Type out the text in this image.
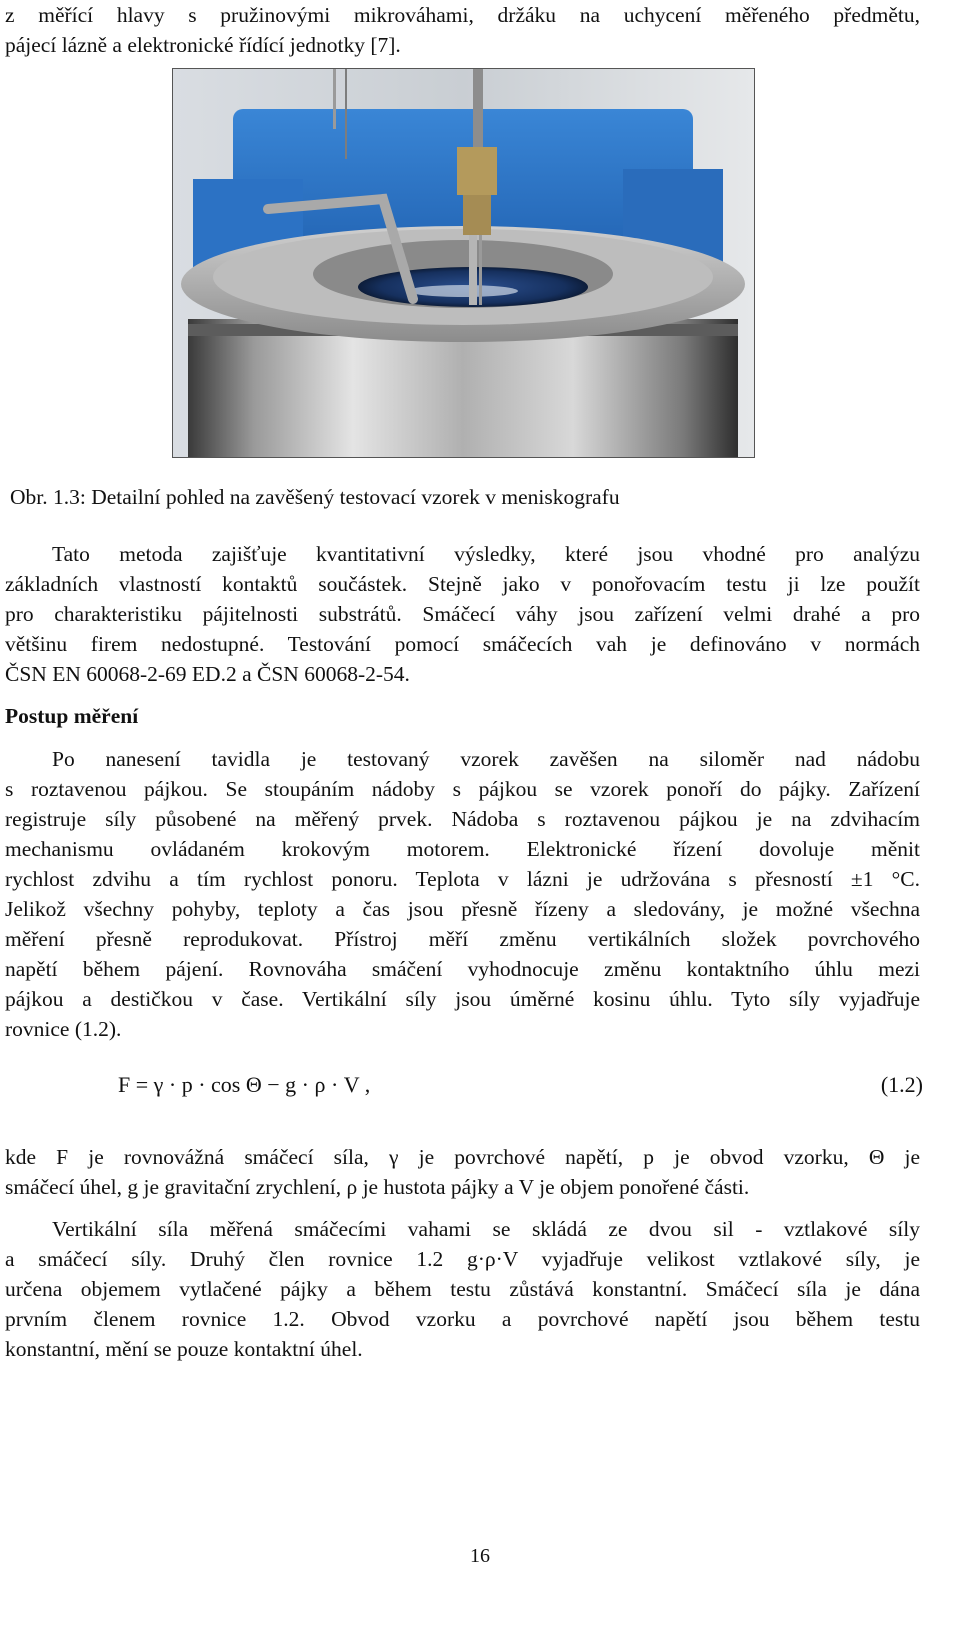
z měřící hlavy s pružinovými mikrováhami, držáku na uchycení měřeného předmětu,
pájecí lázně a elektronické řídící jednotky [7].
Obr. 1.3: Detailní pohled na zavěšený testovací vzorek v meniskografu
Tato metoda zajišťuje kvantitativní výsledky, které jsou vhodné pro analýzu
základních vlastností kontaktů součástek. Stejně jako v ponořovacím testu ji lze použít
pro charakteristiku pájitelnosti substrátů. Smáčecí váhy jsou zařízení velmi drahé a pro
většinu firem nedostupné. Testování pomocí smáčecích vah je definováno v normách
ČSN EN 60068-2-69 ED.2 a ČSN 60068-2-54.
Postup měření
Po nanesení tavidla je testovaný vzorek zavěšen na siloměr nad nádobu
s roztavenou pájkou. Se stoupáním nádoby s pájkou se vzorek ponoří do pájky. Zařízení
registruje síly působené na měřený prvek. Nádoba s roztavenou pájkou je na zdvihacím
mechanismu ovládaném krokovým motorem. Elektronické řízení dovoluje měnit
rychlost zdvihu a tím rychlost ponoru. Teplota v lázni je udržována s přesností ±1 °C.
Jelikož všechny pohyby, teploty a čas jsou přesně řízeny a sledovány, je možné všechna
měření přesně reprodukovat. Přístroj měří změnu vertikálních složek povrchového
napětí během pájení. Rovnováha smáčení vyhodnocuje změnu kontaktního úhlu mezi
pájkou a destičkou v čase. Vertikální síly jsou úměrné kosinu úhlu. Tyto síly vyjadřuje
rovnice (1.2).
F = γ · p · cos Θ − g · ρ · V ,	(1.2)
kde F je rovnovážná smáčecí síla, γ je povrchové napětí, p je obvod vzorku, Θ je
smáčecí úhel, g je gravitační zrychlení, ρ je hustota pájky a V je objem ponořené části.
Vertikální síla měřená smáčecími vahami se skládá ze dvou sil - vztlakové síly
a smáčecí síly. Druhý člen rovnice 1.2 g·ρ·V vyjadřuje velikost vztlakové síly, je
určena objemem vytlačené pájky a během testu zůstává konstantní. Smáčecí síla je dána
prvním členem rovnice 1.2. Obvod vzorku a povrchové napětí jsou během testu
konstantní, mění se pouze kontaktní úhel.
16
